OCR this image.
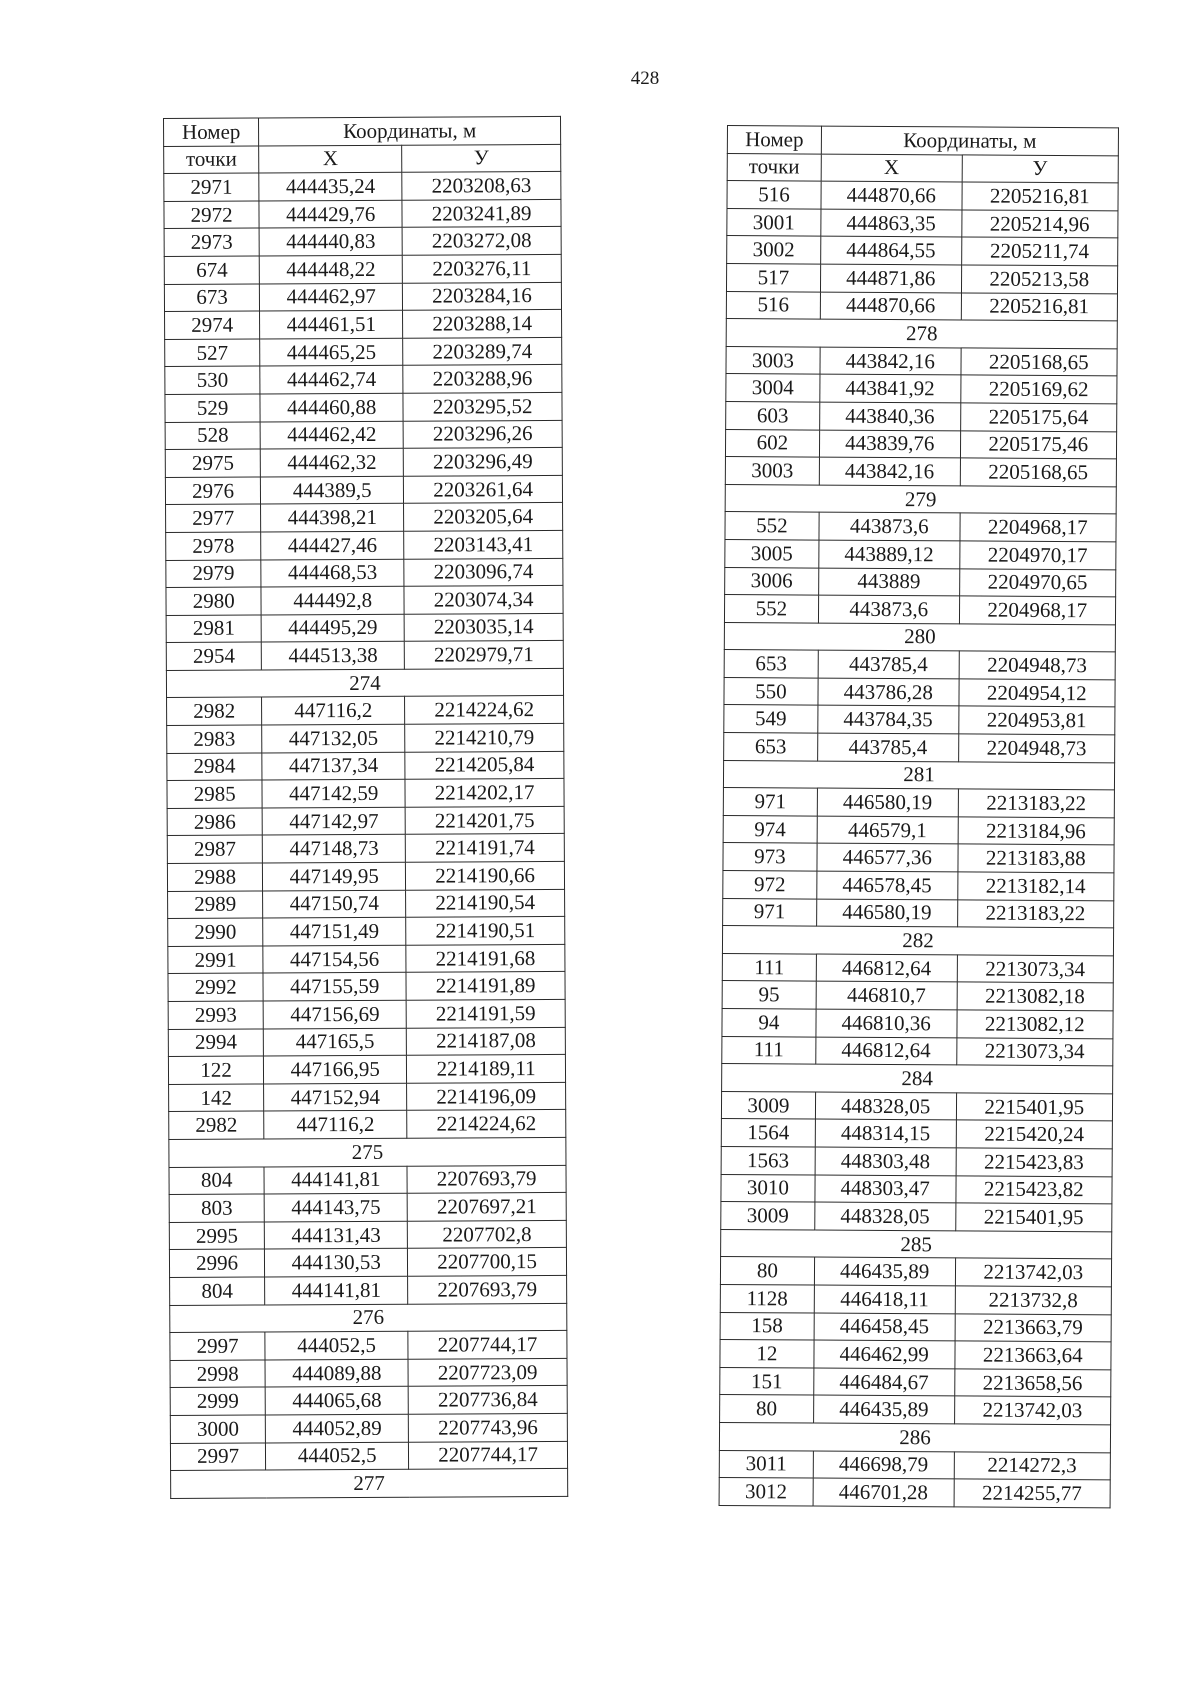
428
Номер	Координаты, м	
точки	X	У
2971	444435,24	2203208,63
2972	444429,76	2203241,89
2973	444440,83	2203272,08
674	444448,22	2203276,11
673	444462,97	2203284,16
2974	444461,51	2203288,14
527	444465,25	2203289,74
530	444462,74	2203288,96
529	444460,88	2203295,52
528	444462,42	2203296,26
2975	444462,32	2203296,49
2976	444389,5	2203261,64
2977	444398,21	2203205,64
2978	444427,46	2203143,41
2979	444468,53	2203096,74
2980	444492,8	2203074,34
2981	444495,29	2203035,14
2954	444513,38	2202979,71
274		
2982	447116,2	2214224,62
2983	447132,05	2214210,79
2984	447137,34	2214205,84
2985	447142,59	2214202,17
2986	447142,97	2214201,75
2987	447148,73	2214191,74
2988	447149,95	2214190,66
2989	447150,74	2214190,54
2990	447151,49	2214190,51
2991	447154,56	2214191,68
2992	447155,59	2214191,89
2993	447156,69	2214191,59
2994	447165,5	2214187,08
122	447166,95	2214189,11
142	447152,94	2214196,09
2982	447116,2	2214224,62
275		
804	444141,81	2207693,79
803	444143,75	2207697,21
2995	444131,43	2207702,8
2996	444130,53	2207700,15
804	444141,81	2207693,79
276		
2997	444052,5	2207744,17
2998	444089,88	2207723,09
2999	444065,68	2207736,84
3000	444052,89	2207743,96
2997	444052,5	2207744,17
277		
Номер	Координаты, м	
точки	X	У
516	444870,66	2205216,81
3001	444863,35	2205214,96
3002	444864,55	2205211,74
517	444871,86	2205213,58
516	444870,66	2205216,81
278		
3003	443842,16	2205168,65
3004	443841,92	2205169,62
603	443840,36	2205175,64
602	443839,76	2205175,46
3003	443842,16	2205168,65
279		
552	443873,6	2204968,17
3005	443889,12	2204970,17
3006	443889	2204970,65
552	443873,6	2204968,17
280		
653	443785,4	2204948,73
550	443786,28	2204954,12
549	443784,35	2204953,81
653	443785,4	2204948,73
281		
971	446580,19	2213183,22
974	446579,1	2213184,96
973	446577,36	2213183,88
972	446578,45	2213182,14
971	446580,19	2213183,22
282		
111	446812,64	2213073,34
95	446810,7	2213082,18
94	446810,36	2213082,12
111	446812,64	2213073,34
284		
3009	448328,05	2215401,95
1564	448314,15	2215420,24
1563	448303,48	2215423,83
3010	448303,47	2215423,82
3009	448328,05	2215401,95
285		
80	446435,89	2213742,03
1128	446418,11	2213732,8
158	446458,45	2213663,79
12	446462,99	2213663,64
151	446484,67	2213658,56
80	446435,89	2213742,03
286		
3011	446698,79	2214272,3
3012	446701,28	2214255,77
